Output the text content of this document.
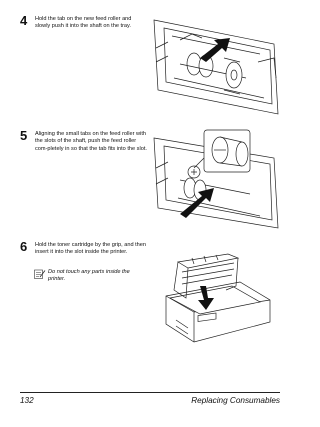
4 Hold the tab on the new feed roller and slowly push it into the shaft on the tray.
5 Aligning the small tabs on the feed roller with the slots of the shaft, push the feed roller com-pletely in so that the tab fits into the slot.
6 Hold the toner cartridge by the grip, and then insert it into the slot inside the printer.
Do not touch any parts inside the printer.
132	Replacing Consumables
